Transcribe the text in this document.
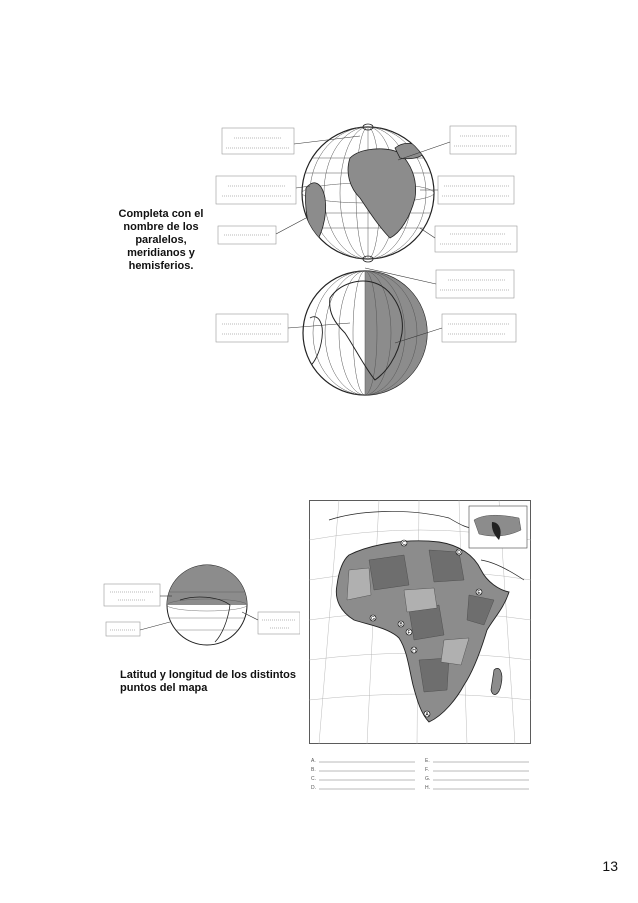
Completa con el nombre de los paralelos, meridianos y hemisferios.
Latitud y longitud de los distintos puntos del mapa
C
D
E
G
B
H
F
A
A.
B.
C.
D.
E.
F.
G.
H.
13
